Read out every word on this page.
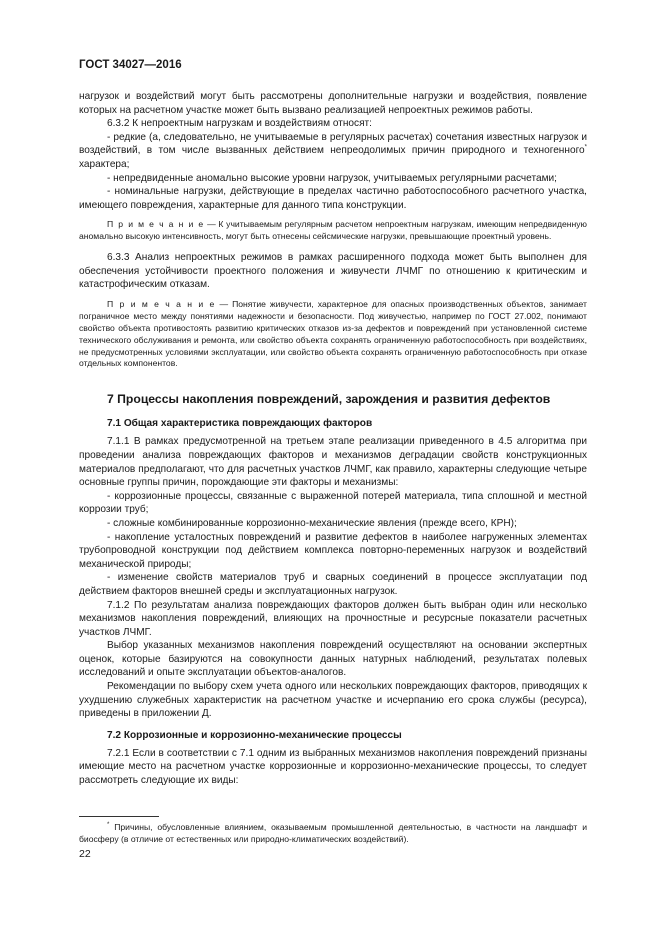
ГОСТ 34027—2016

нагрузок и воздействий могут быть рассмотрены дополнительные нагрузки и воздействия, появление которых на расчетном участке может быть вызвано реализацией непроектных режимов работы.

6.3.2 К непроектным нагрузкам и воздействиям относят:

- редкие (а, следовательно, не учитываемые в регулярных расчетах) сочетания известных нагрузок и воздействий, в том числе вызванных действием непреодолимых причин природного и техногенного* характера;

- непредвиденные аномально высокие уровни нагрузок, учитываемых регулярными расчетами;

- номинальные нагрузки, действующие в пределах частично работоспособного расчетного участка, имеющего повреждения, характерные для данного типа конструкции.

П р и м е ч а н и е — К учитываемым регулярным расчетом непроектным нагрузкам, имеющим непредвиденную аномально высокую интенсивность, могут быть отнесены сейсмические нагрузки, превышающие проектный уровень.

6.3.3 Анализ непроектных режимов в рамках расширенного подхода может быть выполнен для обеспечения устойчивости проектного положения и живучести ЛЧМГ по отношению к критическим и катастрофическим отказам.

П р и м е ч а н и е — Понятие живучести, характерное для опасных производственных объектов, занимает пограничное место между понятиями надежности и безопасности. Под живучестью, например по ГОСТ 27.002, понимают свойство объекта противостоять развитию критических отказов из-за дефектов и повреждений при установленной системе технического обслуживания и ремонта, или свойство объекта сохранять ограниченную работоспособность при воздействиях, не предусмотренных условиями эксплуатации, или свойство объекта сохранять ограниченную работоспособность при отказе отдельных компонентов.

7 Процессы накопления повреждений, зарождения и развития дефектов
7.1 Общая характеристика повреждающих факторов

7.1.1 В рамках предусмотренной на третьем этапе реализации приведенного в 4.5 алгоритма при проведении анализа повреждающих факторов и механизмов деградации свойств конструкционных материалов предполагают, что для расчетных участков ЛЧМГ, как правило, характерны следующие четыре основные группы причин, порождающие эти факторы и механизмы:

- коррозионные процессы, связанные с выраженной потерей материала, типа сплошной и местной коррозии труб;

- сложные комбинированные коррозионно-механические явления (прежде всего, КРН);

- накопление усталостных повреждений и развитие дефектов в наиболее нагруженных элементах трубопроводной конструкции под действием комплекса повторно-переменных нагрузок и воздействий механической природы;

- изменение свойств материалов труб и сварных соединений в процессе эксплуатации под действием факторов внешней среды и эксплуатационных нагрузок.

7.1.2 По результатам анализа повреждающих факторов должен быть выбран один или несколько механизмов накопления повреждений, влияющих на прочностные и ресурсные показатели расчетных участков ЛЧМГ.

Выбор указанных механизмов накопления повреждений осуществляют на основании экспертных оценок, которые базируются на совокупности данных натурных наблюдений, результатах полевых исследований и опыте эксплуатации объектов-аналогов.

Рекомендации по выбору схем учета одного или нескольких повреждающих факторов, приводящих к ухудшению служебных характеристик на расчетном участке и исчерпанию его срока службы (ресурса), приведены в приложении Д.

7.2 Коррозионные и коррозионно-механические процессы

7.2.1 Если в соответствии с 7.1 одним из выбранных механизмов накопления повреждений признаны имеющие место на расчетном участке коррозионные и коррозионно-механические процессы, то следует рассмотреть следующие их виды:

* Причины, обусловленные влиянием, оказываемым промышленной деятельностью, в частности на ландшафт и биосферу (в отличие от естественных или природно-климатических воздействий).
22
